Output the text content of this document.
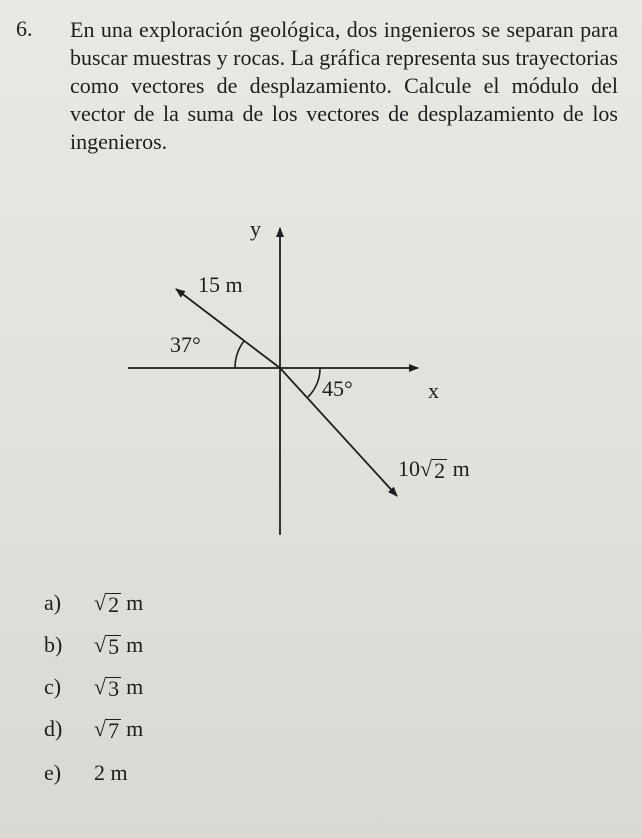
6. En una exploración geológica, dos ingenieros se separan para buscar muestras y rocas. La gráfica representa sus trayectorias como vectores de desplazamiento. Calcule el módulo del vector de la suma de los vectores de desplazamiento de los ingenieros.
y
x
15 m
37°
45°
10 √ 2 m
a)	√ 2 m
b)	√ 5 m
c)	√ 3 m
d)	√ 7 m
e)	2 m
